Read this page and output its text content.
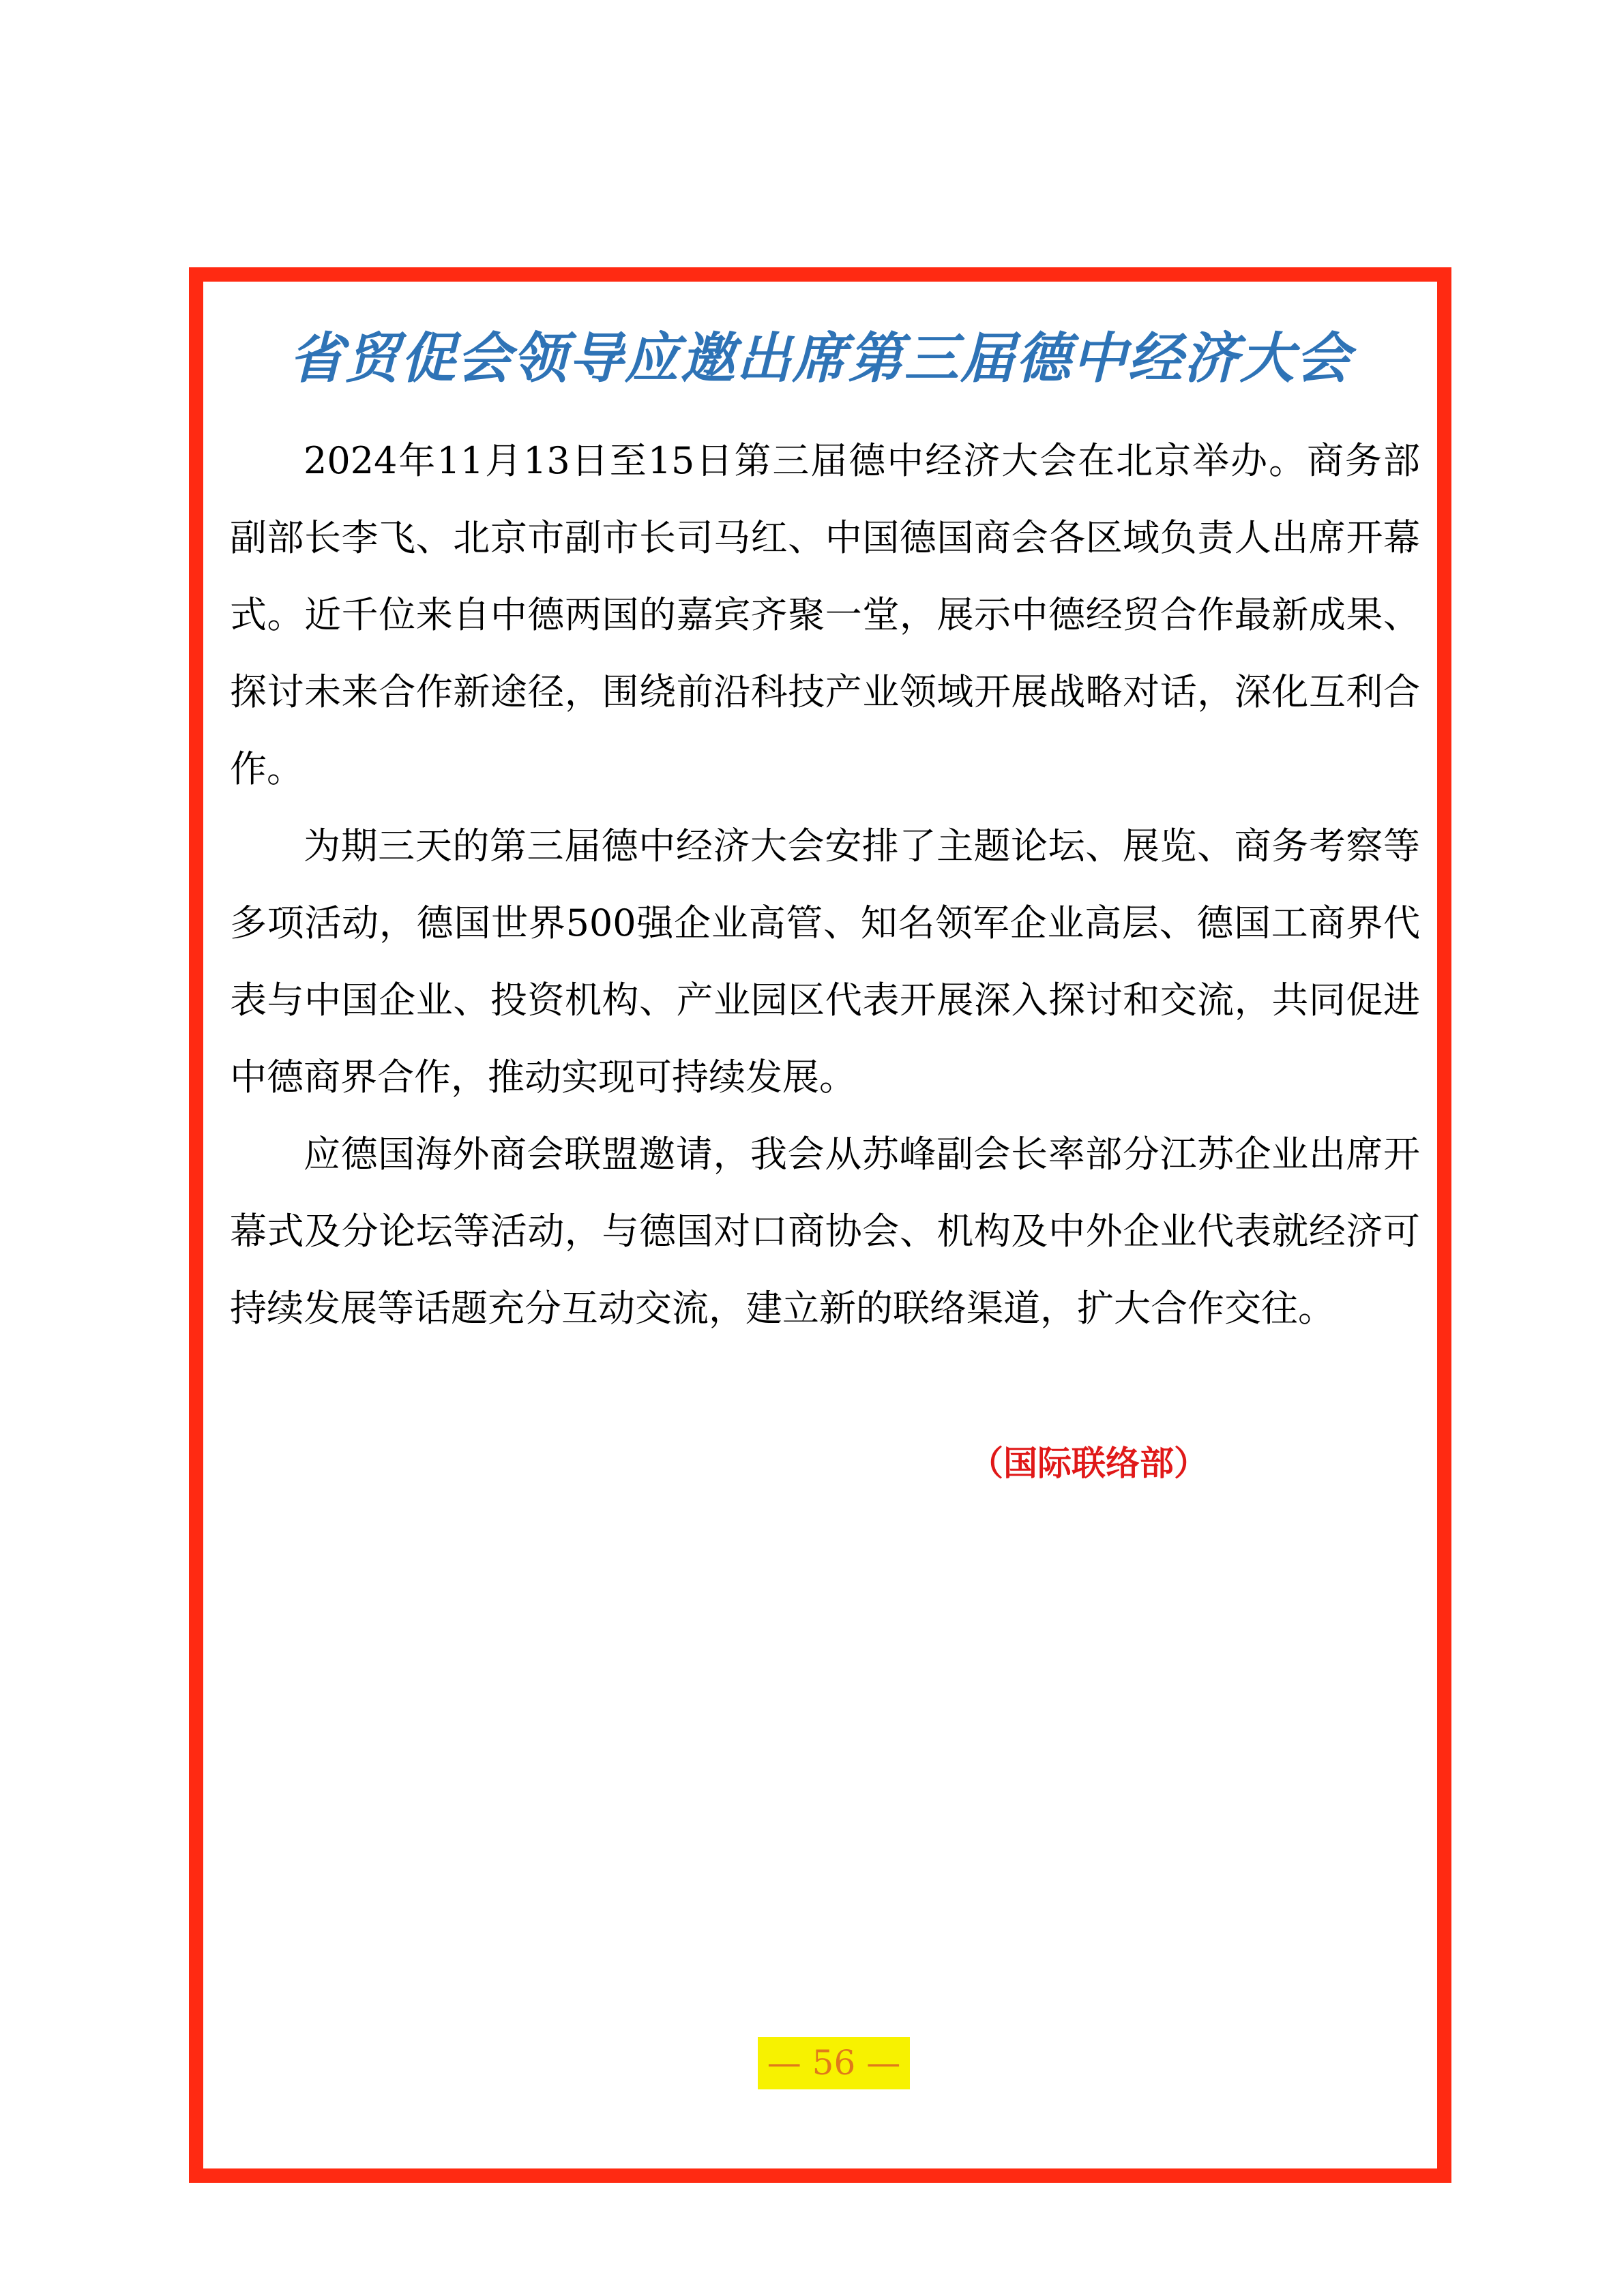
省贸促会领导应邀出席第三届德中经济大会

2024年11月13日至15日第三届德中经济大会在北京举办。商务部副部长李飞、北京市副市长司马红、中国德国商会各区域负责人出席开幕式。近千位来自中德两国的嘉宾齐聚一堂，展示中德经贸合作最新成果、探讨未来合作新途径，围绕前沿科技产业领域开展战略对话，深化互利合作。

为期三天的第三届德中经济大会安排了主题论坛、展览、商务考察等多项活动，德国世界500强企业高管、知名领军企业高层、德国工商界代表与中国企业、投资机构、产业园区代表开展深入探讨和交流，共同促进中德商界合作，推动实现可持续发展。

应德国海外商会联盟邀请，我会从苏峰副会长率部分江苏企业出席开幕式及分论坛等活动，与德国对口商协会、机构及中外企业代表就经济可持续发展等话题充分互动交流，建立新的联络渠道，扩大合作交往。

（国际联络部）
— 56 —
